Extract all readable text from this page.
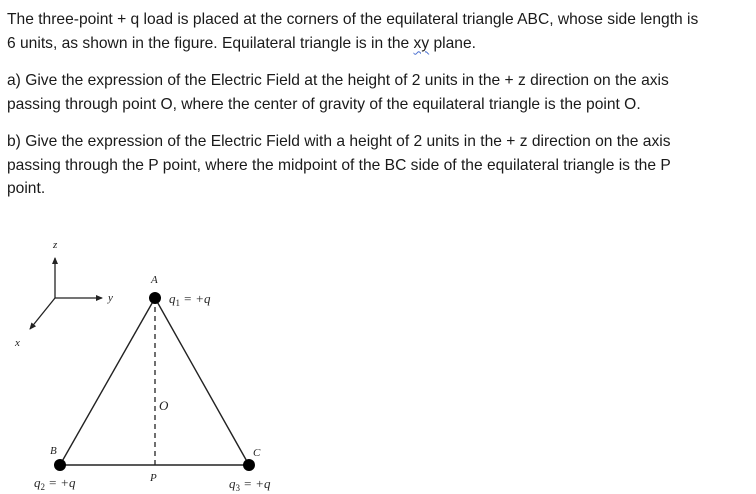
The three-point + q load is placed at the corners of the equilateral triangle ABC, whose side length is
6 units, as shown in the figure. Equilateral triangle is in the xy plane.
a) Give the expression of the Electric Field at the height of 2 units in the + z direction on the axis
passing through point O, where the center of gravity of the equilateral triangle is the point O.
b) Give the expression of the Electric Field with a height of 2 units in the + z direction on the axis
passing through the P point, where the midpoint of the BC side of the equilateral triangle is the P
point.
z
y
x
A
B	C
O
P
$q_1 = +q$
$q_2 = +q$	$q_3 = +q$
